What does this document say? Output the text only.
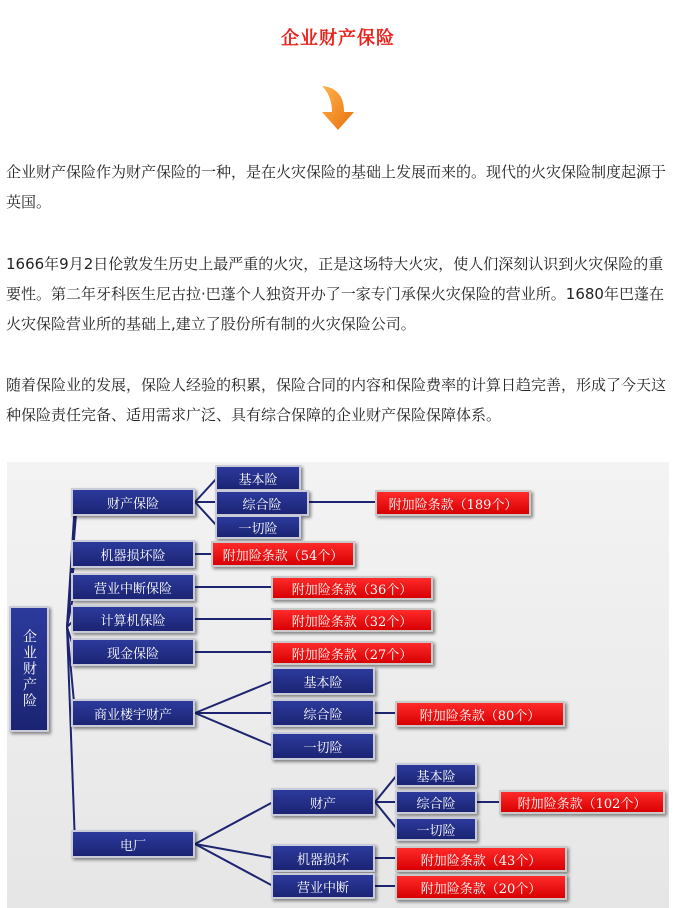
企业财产保险

企业财产保险作为财产保险的一种，是在火灾保险的基础上发展而来的。现代的火灾保险制度起源于英国。

1666年9月2日伦敦发生历史上最严重的火灾，正是这场特大火灾，使人们深刻认识到火灾保险的重要性。第二年牙科医生尼古拉·巴蓬个人独资开办了一家专门承保火灾保险的营业所。1680年巴蓬在火灾保险营业所的基础上,建立了股份所有制的火灾保险公司。

随着保险业的发展，保险人经验的积累，保险合同的内容和保险费率的计算日趋完善，形成了今天这种保险责任完备、适用需求广泛、具有综合保障的企业财产保险保障体系。

企业财产险
财产保险
基本险
综合险
一切险
附加险条款（189个）
机器损坏险	附加险条款（54个）
营业中断保险	附加险条款（36个）
计算机保险	附加险条款（32个）
现金保险	附加险条款（27个）
商业楼宇财产
基本险
综合险
一切险
附加险条款（80个）
电厂
财产
基本险
综合险
一切险
附加险条款（102个）
机器损坏	附加险条款（43个）
营业中断	附加险条款（20个）
